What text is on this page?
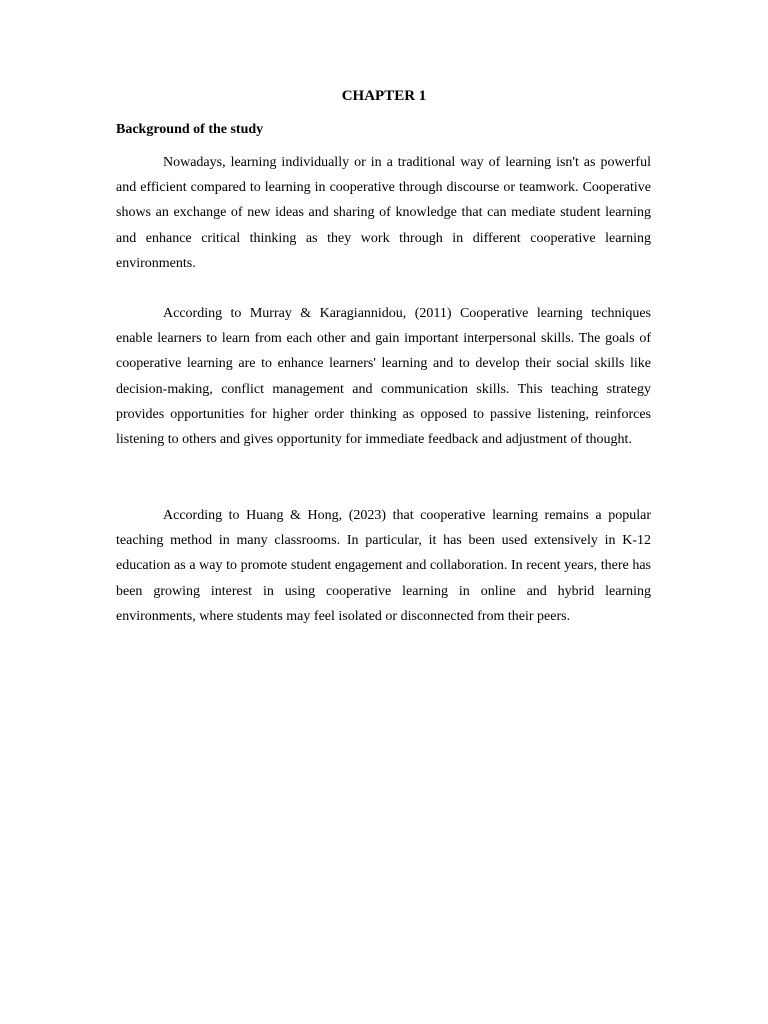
CHAPTER 1
Background of the study

Nowadays, learning individually or in a traditional way of learning isn't as powerful and efficient compared to learning in cooperative through discourse or teamwork. Cooperative shows an exchange of new ideas and sharing of knowledge that can mediate student learning and enhance critical thinking as they work through in different cooperative learning environments.

According to Murray & Karagiannidou, (2011) Cooperative learning techniques enable learners to learn from each other and gain important interpersonal skills. The goals of cooperative learning are to enhance learners' learning and to develop their social skills like decision-making, conflict management and communication skills. This teaching strategy provides opportunities for higher order thinking as opposed to passive listening, reinforces listening to others and gives opportunity for immediate feedback and adjustment of thought.

According to Huang & Hong, (2023) that cooperative learning remains a popular teaching method in many classrooms. In particular, it has been used extensively in K-12 education as a way to promote student engagement and collaboration. In recent years, there has been growing interest in using cooperative learning in online and hybrid learning environments, where students may feel isolated or disconnected from their peers.
